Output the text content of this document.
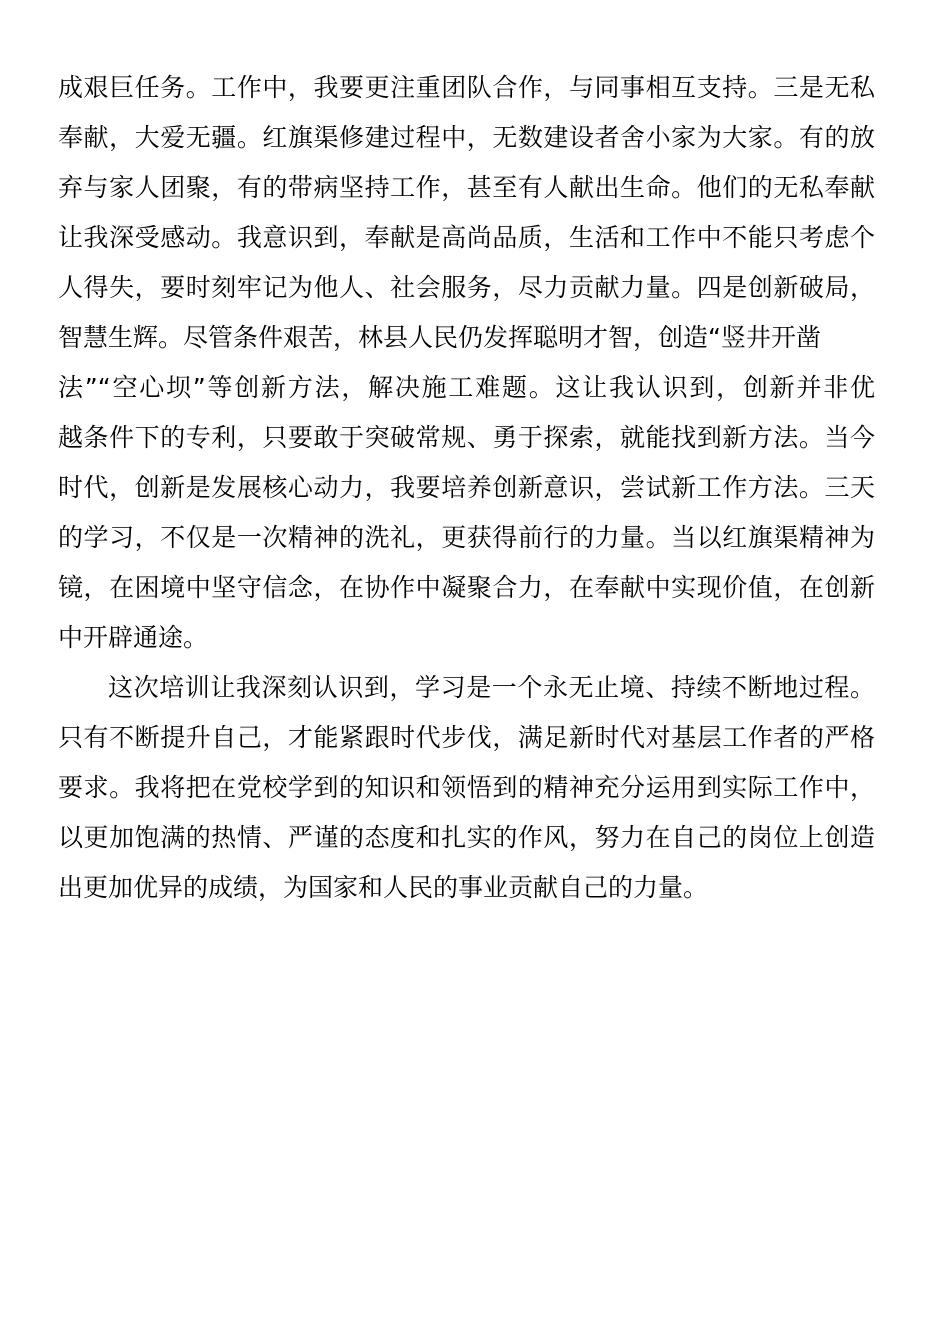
成艰巨任务。工作中，我要更注重团队合作，与同事相互支持。三是无私
奉献，大爱无疆。红旗渠修建过程中，无数建设者舍小家为大家。有的放
弃与家人团聚，有的带病坚持工作，甚至有人献出生命。他们的无私奉献
让我深受感动。我意识到，奉献是高尚品质，生活和工作中不能只考虑个
人得失，要时刻牢记为他人、社会服务，尽力贡献力量。四是创新破局，
智慧生辉。尽管条件艰苦，林县人民仍发挥聪明才智，创造“竖井开凿
法”“空心坝”等创新方法，解决施工难题。这让我认识到，创新并非优
越条件下的专利，只要敢于突破常规、勇于探索，就能找到新方法。当今
时代，创新是发展核心动力，我要培养创新意识，尝试新工作方法。三天
的学习，不仅是一次精神的洗礼，更获得前行的力量。当以红旗渠精神为
镜，在困境中坚守信念，在协作中凝聚合力，在奉献中实现价值，在创新
中开辟通途。
这次培训让我深刻认识到，学习是一个永无止境、持续不断地过程。
只有不断提升自己，才能紧跟时代步伐，满足新时代对基层工作者的严格
要求。我将把在党校学到的知识和领悟到的精神充分运用到实际工作中，
以更加饱满的热情、严谨的态度和扎实的作风，努力在自己的岗位上创造
出更加优异的成绩，为国家和人民的事业贡献自己的力量。
